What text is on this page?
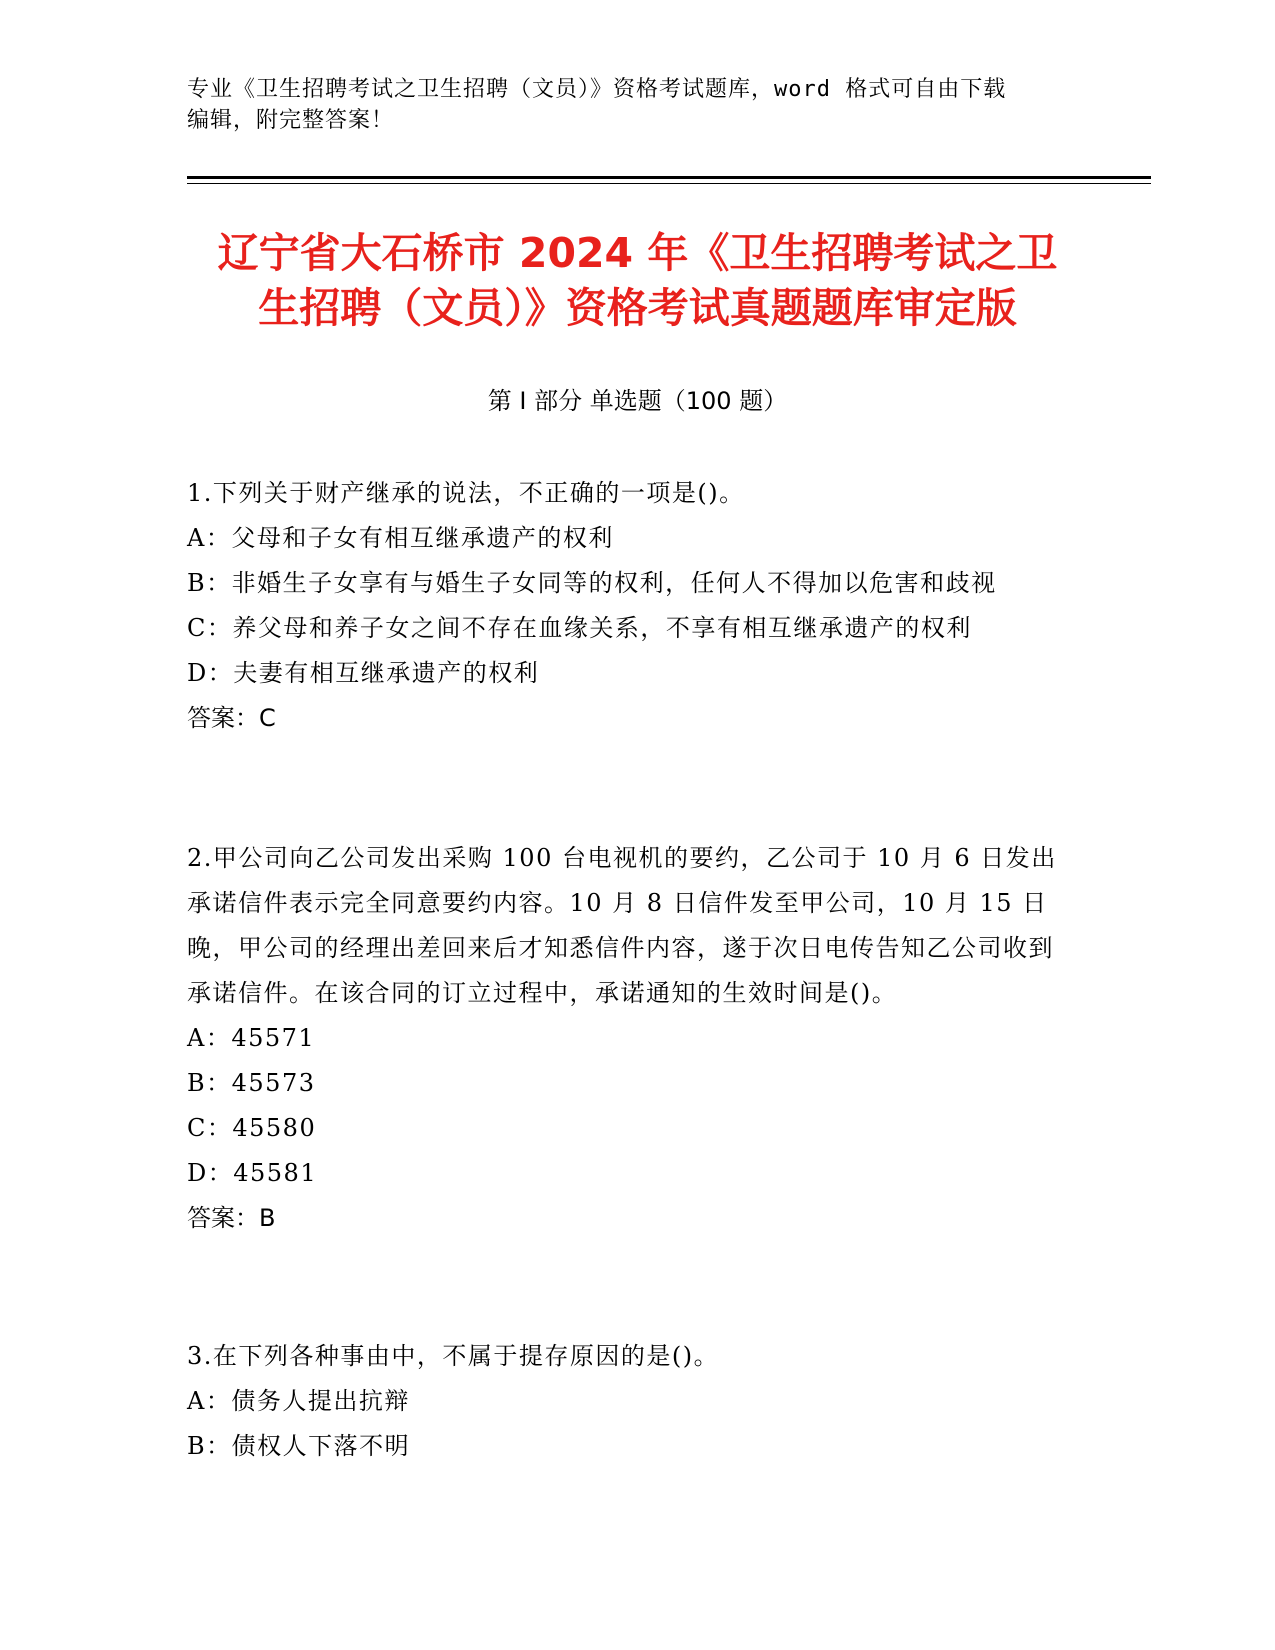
专业《卫生招聘考试之卫生招聘（文员）》资格考试题库，word 格式可自由下载
编辑，附完整答案！
辽宁省大石桥市 2024 年《卫生招聘考试之卫
生招聘（文员）》资格考试真题题库审定版
第 I 部分 单选题（100 题）
1.下列关于财产继承的说法，不正确的一项是()。
A：父母和子女有相互继承遗产的权利
B：非婚生子女享有与婚生子女同等的权利，任何人不得加以危害和歧视
C：养父母和养子女之间不存在血缘关系，不享有相互继承遗产的权利
D：夫妻有相互继承遗产的权利
答案：C
2.甲公司向乙公司发出采购 100 台电视机的要约，乙公司于 10 月 6 日发出承诺信件表示完全同意要约内容。10 月 8 日信件发至甲公司，10 月 15 日晚，甲公司的经理出差回来后才知悉信件内容，遂于次日电传告知乙公司收到承诺信件。在该合同的订立过程中，承诺通知的生效时间是()。
A：45571
B：45573
C：45580
D：45581
答案：B
3.在下列各种事由中，不属于提存原因的是()。
A：债务人提出抗辩
B：债权人下落不明
